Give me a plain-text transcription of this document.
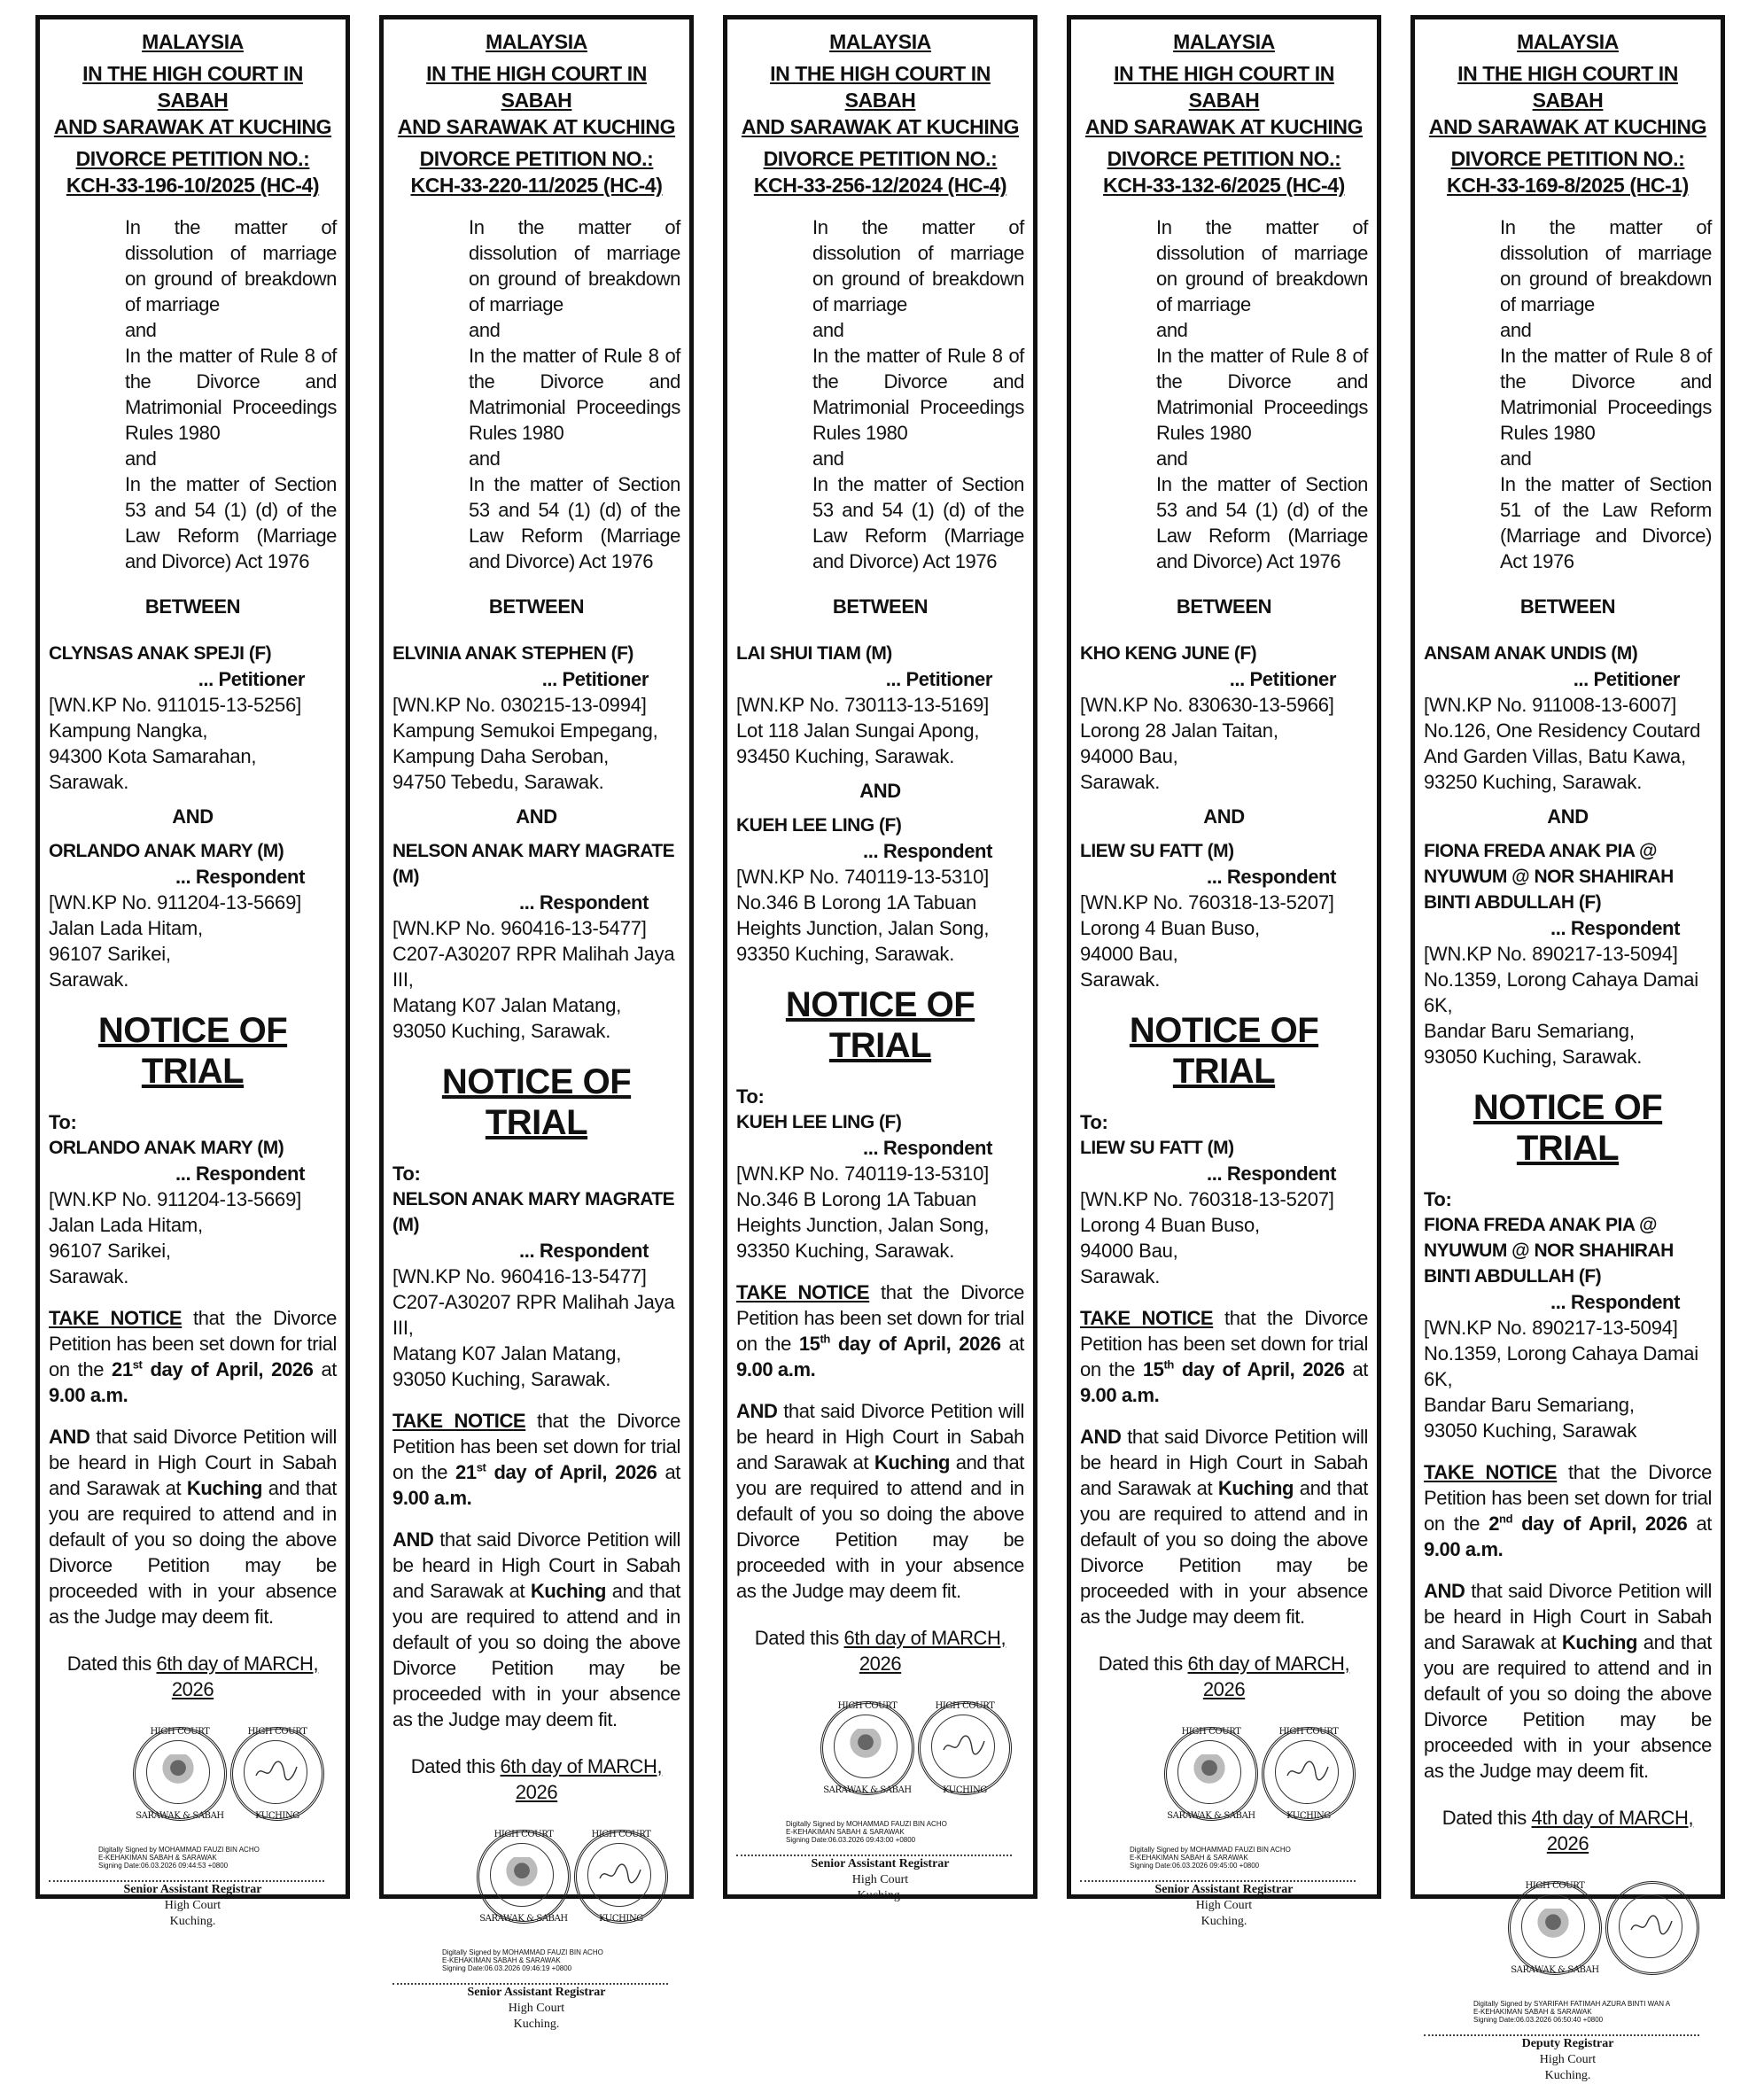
MALAYSIA
IN THE HIGH COURT IN SABAH
AND SARAWAK AT KUCHING
DIVORCE PETITION NO.:
KCH-33-196-10/2025 (HC-4)
In the matter of dissolution of marriage on ground of breakdown of marriage
and
In the matter of Rule 8 of the Divorce and Matrimonial Proceedings Rules 1980
and
In the matter of Section 53 and 54 (1) (d) of the Law Reform (Marriage and Divorce) Act 1976
BETWEEN
CLYNSAS ANAK SPEJI (F)
... Petitioner
[WN.KP No. 911015-13-5256]
Kampung Nangka,
94300 Kota Samarahan,
Sarawak.
AND
ORLANDO ANAK MARY (M)
... Respondent
[WN.KP No. 911204-13-5669]
Jalan Lada Hitam,
96107 Sarikei,
Sarawak.
NOTICE OF TRIAL
To:
ORLANDO ANAK MARY (M)
... Respondent
[WN.KP No. 911204-13-5669]
Jalan Lada Hitam,
96107 Sarikei,
Sarawak.
TAKE NOTICE that the Divorce Petition has been set down for trial on the 21st day of April, 2026 at 9.00 a.m.
AND that said Divorce Petition will be heard in High Court in Sabah and Sarawak at Kuching and that you are required to attend and in default of you so doing the above Divorce Petition may be proceeded with in your absence as the Judge may deem fit.
Dated this 6th day of MARCH,
2026
HIGH COURT
SARAWAK & SABAH
HIGH COURT
KUCHING
Digitally Signed by MOHAMMAD FAUZI BIN ACHO
E-KEHAKIMAN SABAH & SARAWAK
Signing Date:06.03.2026 09:44:53 +0800
Senior Assistant Registrar
High Court
Kuching.
MALAYSIA
IN THE HIGH COURT IN SABAH
AND SARAWAK AT KUCHING
DIVORCE PETITION NO.:
KCH-33-220-11/2025 (HC-4)
In the matter of dissolution of marriage on ground of breakdown of marriage
and
In the matter of Rule 8 of the Divorce and Matrimonial Proceedings Rules 1980
and
In the matter of Section 53 and 54 (1) (d) of the Law Reform (Marriage and Divorce) Act 1976
BETWEEN
ELVINIA ANAK STEPHEN (F)
... Petitioner
[WN.KP No. 030215-13-0994]
Kampung Semukoi Empegang,
Kampung Daha Seroban,
94750 Tebedu, Sarawak.
AND
NELSON ANAK MARY MAGRATE (M)
... Respondent
[WN.KP No. 960416-13-5477]
C207-A30207 RPR Malihah Jaya III,
Matang K07 Jalan Matang,
93050 Kuching, Sarawak.
NOTICE OF TRIAL
To:
NELSON ANAK MARY MAGRATE (M)
... Respondent
[WN.KP No. 960416-13-5477]
C207-A30207 RPR Malihah Jaya III,
Matang K07 Jalan Matang,
93050 Kuching, Sarawak.
TAKE NOTICE that the Divorce Petition has been set down for trial on the 21st day of April, 2026 at 9.00 a.m.
AND that said Divorce Petition will be heard in High Court in Sabah and Sarawak at Kuching and that you are required to attend and in default of you so doing the above Divorce Petition may be proceeded with in your absence as the Judge may deem fit.
Dated this 6th day of MARCH,
2026
HIGH COURT
SARAWAK & SABAH
HIGH COURT
KUCHING
Digitally Signed by MOHAMMAD FAUZI BIN ACHO
E-KEHAKIMAN SABAH & SARAWAK
Signing Date:06.03.2026 09:46:19 +0800
Senior Assistant Registrar
High Court
Kuching.
MALAYSIA
IN THE HIGH COURT IN SABAH
AND SARAWAK AT KUCHING
DIVORCE PETITION NO.:
KCH-33-256-12/2024 (HC-4)
In the matter of dissolution of marriage on ground of breakdown of marriage
and
In the matter of Rule 8 of the Divorce and Matrimonial Proceedings Rules 1980
and
In the matter of Section 53 and 54 (1) (d) of the Law Reform (Marriage and Divorce) Act 1976
BETWEEN
LAI SHUI TIAM (M)
... Petitioner
[WN.KP No. 730113-13-5169]
Lot 118 Jalan Sungai Apong,
93450 Kuching, Sarawak.
AND
KUEH LEE LING (F)
... Respondent
[WN.KP No. 740119-13-5310]
No.346 B Lorong 1A Tabuan
Heights Junction, Jalan Song,
93350 Kuching, Sarawak.
NOTICE OF TRIAL
To:
KUEH LEE LING (F)
... Respondent
[WN.KP No. 740119-13-5310]
No.346 B Lorong 1A Tabuan
Heights Junction, Jalan Song,
93350 Kuching, Sarawak.
TAKE NOTICE that the Divorce Petition has been set down for trial on the 15th day of April, 2026 at 9.00 a.m.
AND that said Divorce Petition will be heard in High Court in Sabah and Sarawak at Kuching and that you are required to attend and in default of you so doing the above Divorce Petition may be proceeded with in your absence as the Judge may deem fit.
Dated this 6th day of MARCH,
2026
HIGH COURT
SARAWAK & SABAH
HIGH COURT
KUCHING
Digitally Signed by MOHAMMAD FAUZI BIN ACHO
E-KEHAKIMAN SABAH & SARAWAK
Signing Date:06.03.2026 09:43:00 +0800
Senior Assistant Registrar
High Court
Kuching.
MALAYSIA
IN THE HIGH COURT IN SABAH
AND SARAWAK AT KUCHING
DIVORCE PETITION NO.:
KCH-33-132-6/2025 (HC-4)
In the matter of dissolution of marriage on ground of breakdown of marriage
and
In the matter of Rule 8 of the Divorce and Matrimonial Proceedings Rules 1980
and
In the matter of Section 53 and 54 (1) (d) of the Law Reform (Marriage and Divorce) Act 1976
BETWEEN
KHO KENG JUNE (F)
... Petitioner
[WN.KP No. 830630-13-5966]
Lorong 28 Jalan Taitan,
94000 Bau,
Sarawak.
AND
LIEW SU FATT (M)
... Respondent
[WN.KP No. 760318-13-5207]
Lorong 4 Buan Buso,
94000 Bau,
Sarawak.
NOTICE OF TRIAL
To:
LIEW SU FATT (M)
... Respondent
[WN.KP No. 760318-13-5207]
Lorong 4 Buan Buso,
94000 Bau,
Sarawak.
TAKE NOTICE that the Divorce Petition has been set down for trial on the 15th day of April, 2026 at 9.00 a.m.
AND that said Divorce Petition will be heard in High Court in Sabah and Sarawak at Kuching and that you are required to attend and in default of you so doing the above Divorce Petition may be proceeded with in your absence as the Judge may deem fit.
Dated this 6th day of MARCH,
2026
HIGH COURT
SARAWAK & SABAH
HIGH COURT
KUCHING
Digitally Signed by MOHAMMAD FAUZI BIN ACHO
E-KEHAKIMAN SABAH & SARAWAK
Signing Date:06.03.2026 09:45:00 +0800
Senior Assistant Registrar
High Court
Kuching.
MALAYSIA
IN THE HIGH COURT IN SABAH
AND SARAWAK AT KUCHING
DIVORCE PETITION NO.:
KCH-33-169-8/2025 (HC-1)
In the matter of dissolution of marriage on ground of breakdown of marriage
and
In the matter of Rule 8 of the Divorce and Matrimonial Proceedings Rules 1980
and
In the matter of Section 51 of the Law Reform (Marriage and Divorce) Act 1976
BETWEEN
ANSAM ANAK UNDIS (M)
... Petitioner
[WN.KP No. 911008-13-6007]
No.126, One Residency Coutard
And Garden Villas, Batu Kawa,
93250 Kuching, Sarawak.
AND
FIONA FREDA ANAK PIA @ NYUWUM @ NOR SHAHIRAH BINTI ABDULLAH (F)
... Respondent
[WN.KP No. 890217-13-5094]
No.1359, Lorong Cahaya Damai 6K,
Bandar Baru Semariang,
93050 Kuching, Sarawak.
NOTICE OF TRIAL
To:
FIONA FREDA ANAK PIA @ NYUWUM @ NOR SHAHIRAH BINTI ABDULLAH (F)
... Respondent
[WN.KP No. 890217-13-5094]
No.1359, Lorong Cahaya Damai 6K,
Bandar Baru Semariang,
93050 Kuching, Sarawak
TAKE NOTICE that the Divorce Petition has been set down for trial on the 2nd day of April, 2026 at 9.00 a.m.
AND that said Divorce Petition will be heard in High Court in Sabah and Sarawak at Kuching and that you are required to attend and in default of you so doing the above Divorce Petition may be proceeded with in your absence as the Judge may deem fit.
Dated this 4th day of MARCH,
2026
HIGH COURT
SARAWAK & SABAH
Digitally Signed by SYARIFAH FATIMAH AZURA BINTI WAN A
E-KEHAKIMAN SABAH & SARAWAK
Signing Date:06.03.2026 06:50:40 +0800
Deputy Registrar
High Court
Kuching.
